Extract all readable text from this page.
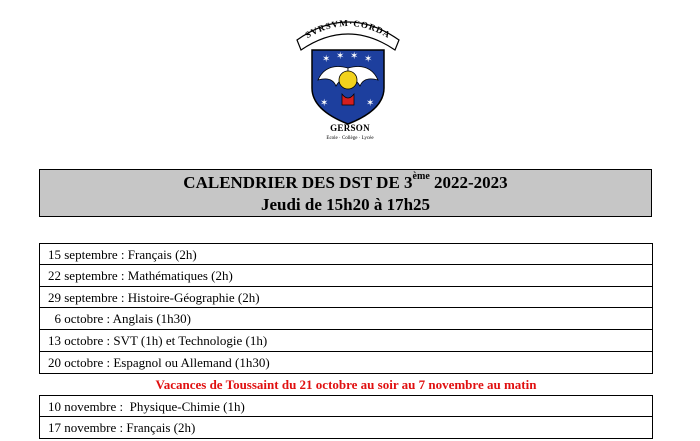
SVRSVM·CORDA
✶ ✶ ✶ ✶
✶	✶
GERSON
Ecole · Collège · Lycée
CALENDRIER DES DST DE 3ème 2022-2023
Jeudi de 15h20 à 17h25
15 septembre : Français (2h)
22 septembre : Mathématiques (2h)
29 septembre : Histoire-Géographie (2h)
6 octobre : Anglais (1h30)
13 octobre : SVT (1h) et Technologie (1h)
20 octobre : Espagnol ou Allemand (1h30)
Vacances de Toussaint du 21 octobre au soir au 7 novembre au matin
10 novembre :  Physique-Chimie (1h)
17 novembre : Français (2h)
